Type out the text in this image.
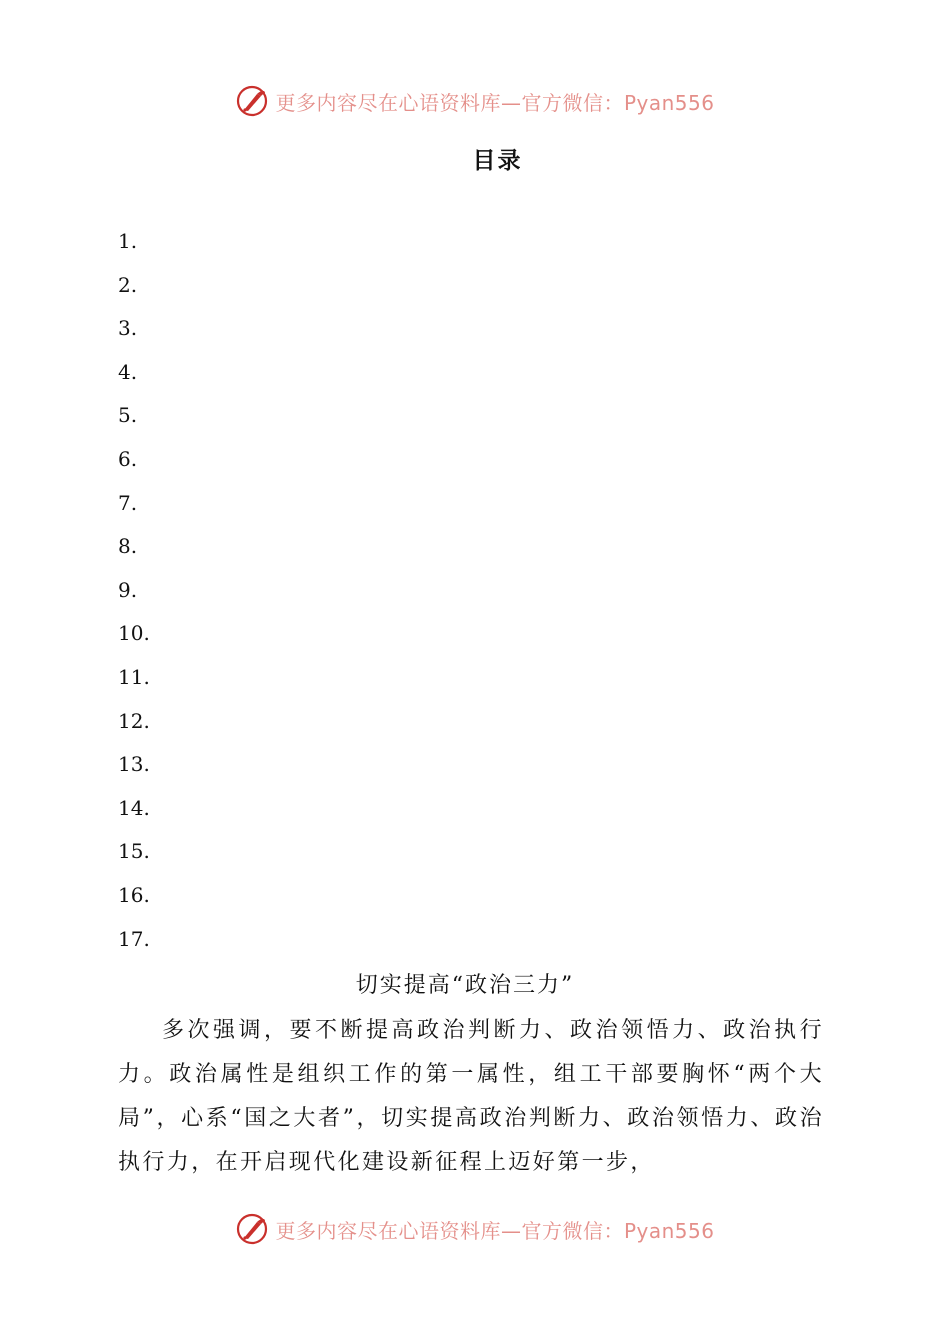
更多内容尽在心语资料库—官方微信：Pyan556
目录
1.
2.
3.
4.
5.
6.
7.
8.
9.
10.
11.
12.
13.
14.
15.
16.
17.
切实提高“政治三力”

多次强调，要不断提高政治判断力、政治领悟力、政治执行力。政治属性是组织工作的第一属性，组工干部要胸怀“两个大局”，心系“国之大者”，切实提高政治判断力、政治领悟力、政治执行力，在开启现代化建设新征程上迈好第一步，

更多内容尽在心语资料库—官方微信：Pyan556
